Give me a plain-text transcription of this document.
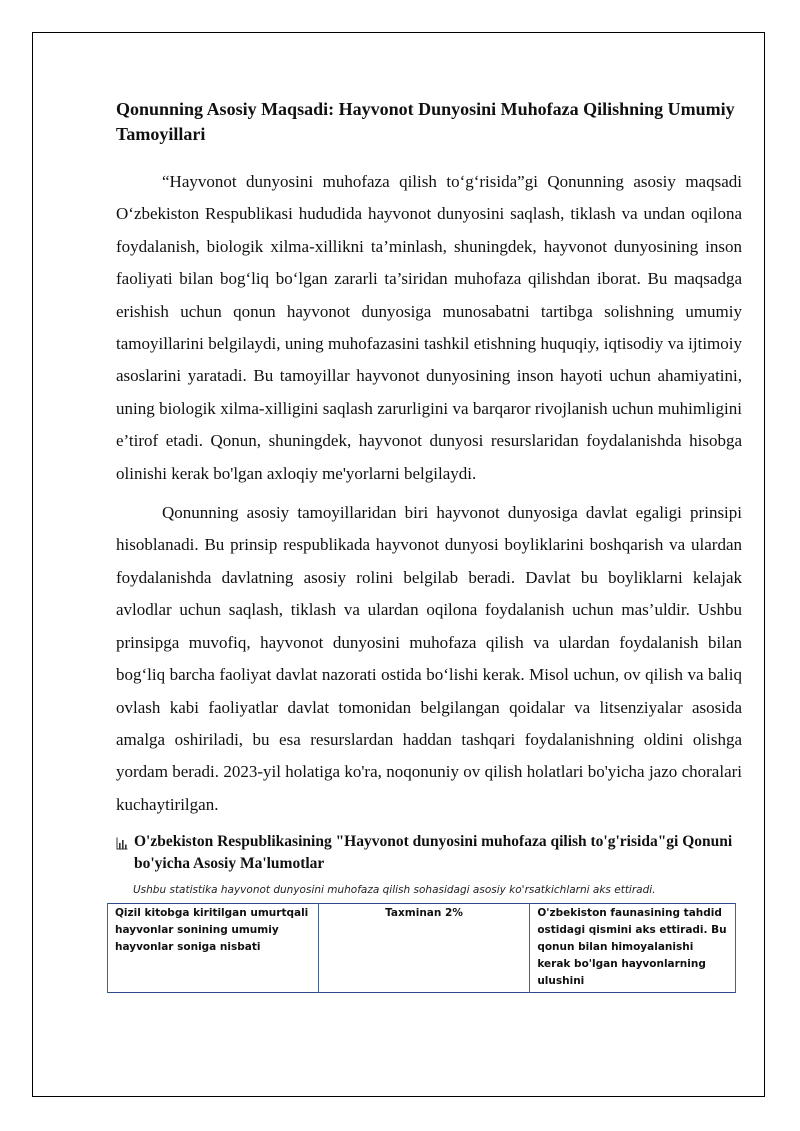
Qonunning Asosiy Maqsadi: Hayvonot Dunyosini Muhofaza Qilishning Umumiy Tamoyillari

“Hayvonot dunyosini muhofaza qilish to‘g‘risida”gi Qonunning asosiy maqsadi O‘zbekiston Respublikasi hududida hayvonot dunyosini saqlash, tiklash va undan oqilona foydalanish, biologik xilma-xillikni ta’minlash, shuningdek, hayvonot dunyosining inson faoliyati bilan bog‘liq bo‘lgan zararli ta’siridan muhofaza qilishdan iborat. Bu maqsadga erishish uchun qonun hayvonot dunyosiga munosabatni tartibga solishning umumiy tamoyillarini belgilaydi, uning muhofazasini tashkil etishning huquqiy, iqtisodiy va ijtimoiy asoslarini yaratadi. Bu tamoyillar hayvonot dunyosining inson hayoti uchun ahamiyatini, uning biologik xilma-xilligini saqlash zarurligini va barqaror rivojlanish uchun muhimligini e’tirof etadi. Qonun, shuningdek, hayvonot dunyosi resurslaridan foydalanishda hisobga olinishi kerak bo'lgan axloqiy me'yorlarni belgilaydi.

Qonunning asosiy tamoyillaridan biri hayvonot dunyosiga davlat egaligi prinsipi hisoblanadi. Bu prinsip respublikada hayvonot dunyosi boyliklarini boshqarish va ulardan foydalanishda davlatning asosiy rolini belgilab beradi. Davlat bu boyliklarni kelajak avlodlar uchun saqlash, tiklash va ulardan oqilona foydalanish uchun mas’uldir. Ushbu prinsipga muvofiq, hayvonot dunyosini muhofaza qilish va ulardan foydalanish bilan bog‘liq barcha faoliyat davlat nazorati ostida bo‘lishi kerak. Misol uchun, ov qilish va baliq ovlash kabi faoliyatlar davlat tomonidan belgilangan qoidalar va litsenziyalar asosida amalga oshiriladi, bu esa resurslardan haddan tashqari foydalanishning oldini olishga yordam beradi. 2023-yil holatiga ko'ra, noqonuniy ov qilish holatlari bo'yicha jazo choralari kuchaytirilgan.

O'zbekiston Respublikasining "Hayvonot dunyosini muhofaza qilish to'g'risida"gi Qonuni bo'yicha Asosiy Ma'lumotlar
Ushbu statistika hayvonot dunyosini muhofaza qilish sohasidagi asosiy ko'rsatkichlarni aks ettiradi.
Qizil kitobga kiritilgan umurtqali hayvonlar sonining umumiy hayvonlar soniga nisbati	Taxminan 2%	O'zbekiston faunasining tahdid ostidagi qismini aks ettiradi. Bu qonun bilan himoyalanishi kerak bo'lgan hayvonlarning ulushini
